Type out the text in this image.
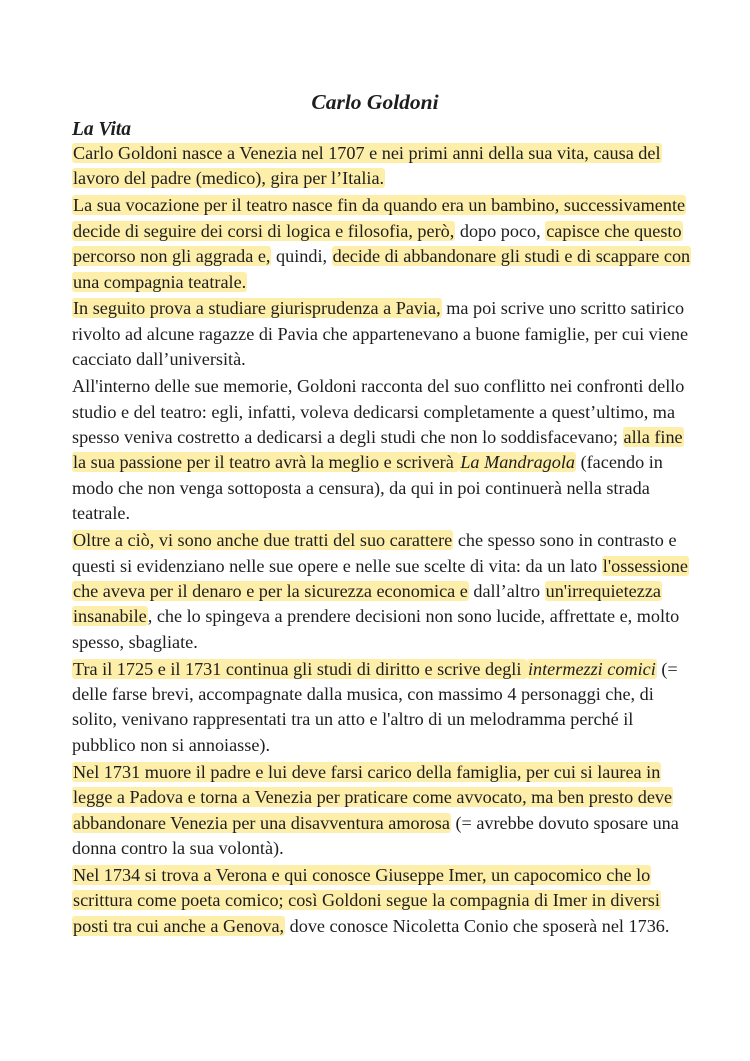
Carlo Goldoni
La Vita

Carlo Goldoni nasce a Venezia nel 1707 e nei primi anni della sua vita, causa del lavoro del padre (medico), gira per l’Italia.

La sua vocazione per il teatro nasce fin da quando era un bambino, successivamente decide di seguire dei corsi di logica e filosofia, però, dopo poco, capisce che questo percorso non gli aggrada e, quindi, decide di abbandonare gli studi e di scappare con una compagnia teatrale.

In seguito prova a studiare giurisprudenza a Pavia, ma poi scrive uno scritto satirico rivolto ad alcune ragazze di Pavia che appartenevano a buone famiglie, per cui viene cacciato dall’università.

All'interno delle sue memorie, Goldoni racconta del suo conflitto nei confronti dello studio e del teatro: egli, infatti, voleva dedicarsi completamente a quest’ultimo, ma spesso veniva costretto a dedicarsi a degli studi che non lo soddisfacevano; alla fine la sua passione per il teatro avrà la meglio e scriverà La Mandragola (facendo in modo che non venga sottoposta a censura), da qui in poi continuerà nella strada teatrale.

Oltre a ciò, vi sono anche due tratti del suo carattere che spesso sono in contrasto e questi si evidenziano nelle sue opere e nelle sue scelte di vita: da un lato l'ossessione che aveva per il denaro e per la sicurezza economica e dall’altro un'irrequietezza insanabile, che lo spingeva a prendere decisioni non sono lucide, affrettate e, molto spesso, sbagliate.

Tra il 1725 e il 1731 continua gli studi di diritto e scrive degli intermezzi comici (= delle farse brevi, accompagnate dalla musica, con massimo 4 personaggi che, di solito, venivano rappresentati tra un atto e l'altro di un melodramma perché il pubblico non si annoiasse).

Nel 1731 muore il padre e lui deve farsi carico della famiglia, per cui si laurea in legge a Padova e torna a Venezia per praticare come avvocato, ma ben presto deve abbandonare Venezia per una disavventura amorosa (= avrebbe dovuto sposare una donna contro la sua volontà).

Nel 1734 si trova a Verona e qui conosce Giuseppe Imer, un capocomico che lo scrittura come poeta comico; così Goldoni segue la compagnia di Imer in diversi posti tra cui anche a Genova, dove conosce Nicoletta Conio che sposerà nel 1736.
